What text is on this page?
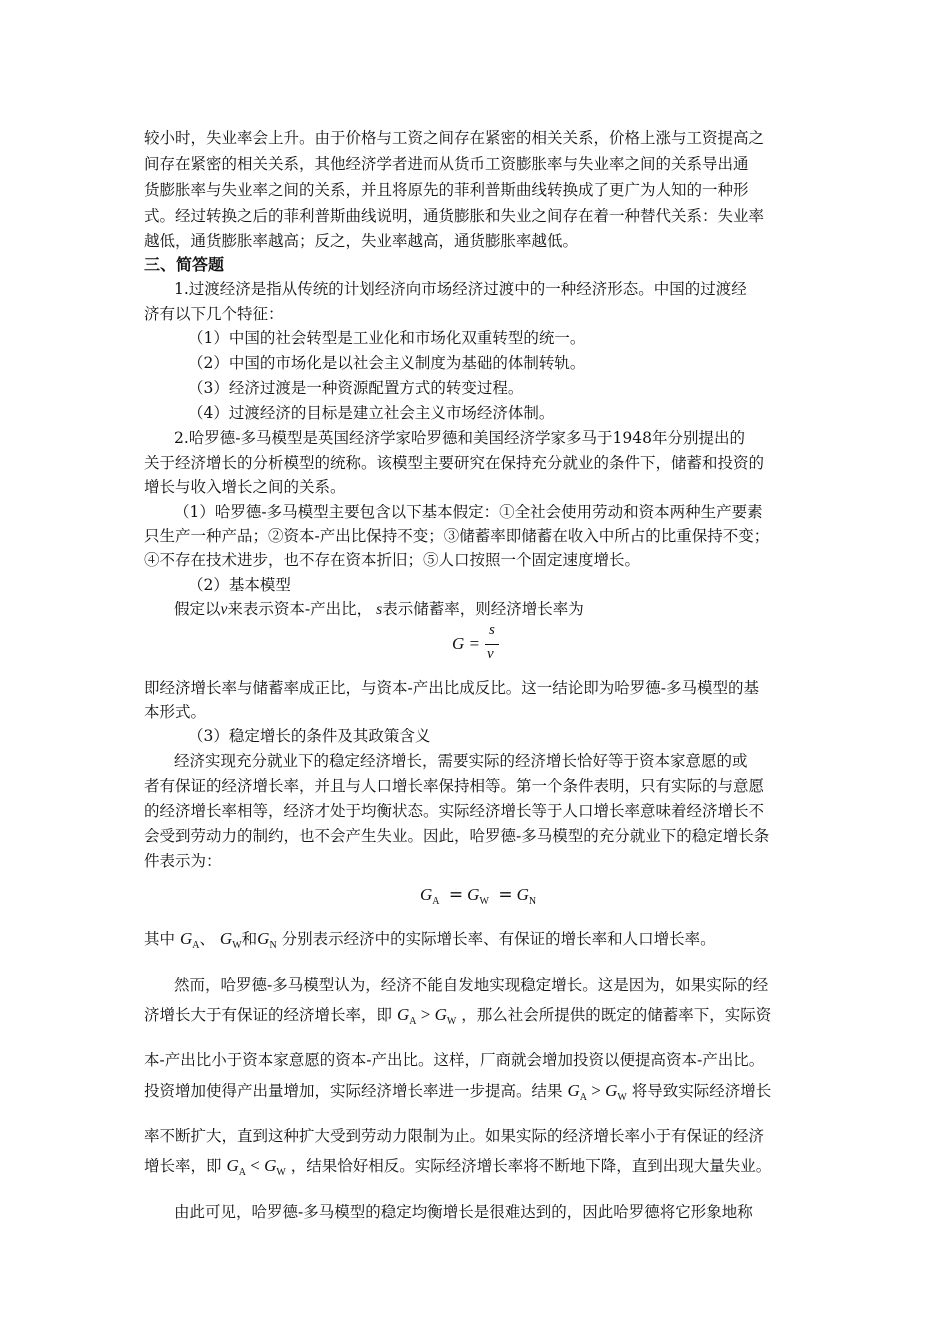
较小时，失业率会上升。由于价格与工资之间存在紧密的相关关系，价格上涨与工资提高之
间存在紧密的相关关系，其他经济学者进而从货币工资膨胀率与失业率之间的关系导出通
货膨胀率与失业率之间的关系，并且将原先的菲利普斯曲线转换成了更广为人知的一种形
式。经过转换之后的菲利普斯曲线说明，通货膨胀和失业之间存在着一种替代关系：失业率
越低，通货膨胀率越高；反之，失业率越高，通货膨胀率越低。
三、简答题
1.过渡经济是指从传统的计划经济向市场经济过渡中的一种经济形态。中国的过渡经
济有以下几个特征：
（1）中国的社会转型是工业化和市场化双重转型的统一。
（2）中国的市场化是以社会主义制度为基础的体制转轨。
（3）经济过渡是一种资源配置方式的转变过程。
（4）过渡经济的目标是建立社会主义市场经济体制。
2.哈罗德-多马模型是英国经济学家哈罗德和美国经济学家多马于1948年分别提出的
关于经济增长的分析模型的统称。该模型主要研究在保持充分就业的条件下，储蓄和投资的
增长与收入增长之间的关系。
（1）哈罗德-多马模型主要包含以下基本假定：①全社会使用劳动和资本两种生产要素
只生产一种产品；②资本-产出比保持不变；③储蓄率即储蓄在收入中所占的比重保持不变；
④不存在技术进步，也不存在资本折旧；⑤人口按照一个固定速度增长。
（2）基本模型
假定以v来表示资本-产出比， s表示储蓄率，则经济增长率为
G =
s
v
即经济增长率与储蓄率成正比，与资本-产出比成反比。这一结论即为哈罗德-多马模型的基
本形式。
（3）稳定增长的条件及其政策含义
经济实现充分就业下的稳定经济增长，需要实际的经济增长恰好等于资本家意愿的或
者有保证的经济增长率，并且与人口增长率保持相等。第一个条件表明，只有实际的与意愿
的经济增长率相等，经济才处于均衡状态。实际经济增长等于人口增长率意味着经济增长不
会受到劳动力的制约，也不会产生失业。因此，哈罗德-多马模型的充分就业下的稳定增长条
件表示为：
$G_A = G_W = G_N$
其中 $G_A$、 $G_W$和$G_N$ 分别表示经济中的实际增长率、有保证的增长率和人口增长率。
然而，哈罗德-多马模型认为，经济不能自发地实现稳定增长。这是因为，如果实际的经
济增长大于有保证的经济增长率，即 $G_A > G_W$ ，那么社会所提供的既定的储蓄率下，实际资
本-产出比小于资本家意愿的资本-产出比。这样，厂商就会增加投资以便提高资本-产出比。
投资增加使得产出量增加，实际经济增长率进一步提高。结果 $G_A > G_W$ 将导致实际经济增长
率不断扩大，直到这种扩大受到劳动力限制为止。如果实际的经济增长率小于有保证的经济
增长率，即 $G_A < G_W$ ，结果恰好相反。实际经济增长率将不断地下降，直到出现大量失业。
由此可见，哈罗德-多马模型的稳定均衡增长是很难达到的，因此哈罗德将它形象地称
